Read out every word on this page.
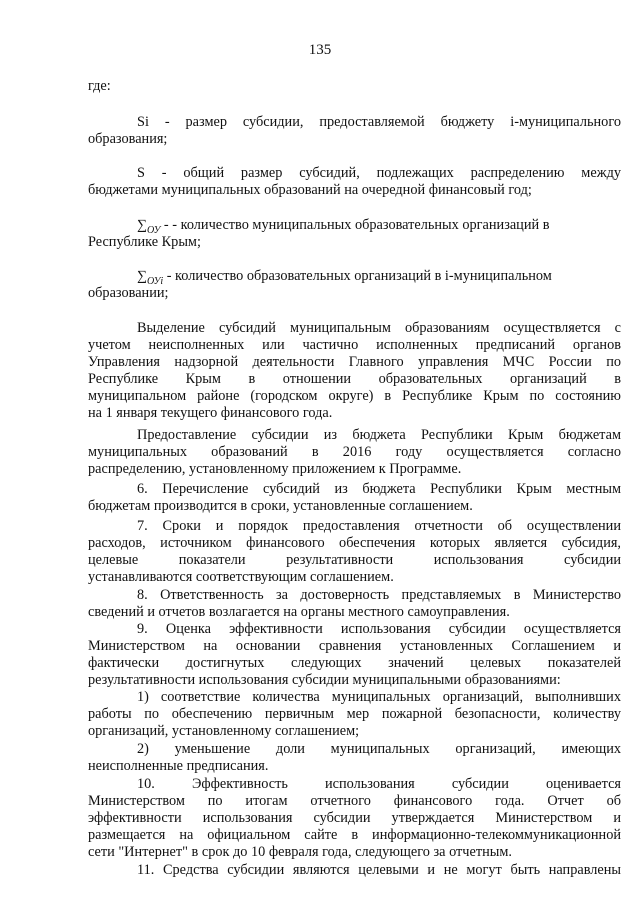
135
где:
Si - размер субсидии, предоставляемой бюджету i-муниципального
образования;
S - общий размер субсидий, подлежащих распределению между
бюджетами муниципальных образований на очередной финансовый год;
$\sum_{ОУ}$ - - количество муниципальных образовательных организаций в
Республике Крым;
$\sum_{ОУi}$ - количество образовательных организаций в i-муниципальном
образовании;
Выделение субсидий муниципальным образованиям осуществляется с
учетом неисполненных или частично исполненных предписаний органов
Управления надзорной деятельности Главного управления МЧС России по
Республике Крым в отношении образовательных организаций в
муниципальном районе (городском округе) в Республике Крым по состоянию
на 1 января текущего финансового года.
Предоставление субсидии из бюджета Республики Крым бюджетам
муниципальных образований в 2016 году осуществляется согласно
распределению, установленному приложением к Программе.
6. Перечисление субсидий из бюджета Республики Крым местным
бюджетам производится в сроки, установленные соглашением.
7. Сроки и порядок предоставления отчетности об осуществлении
расходов, источником финансового обеспечения которых является субсидия,
целевые показатели результативности использования субсидии
устанавливаются соответствующим соглашением.
8. Ответственность за достоверность представляемых в Министерство
сведений и отчетов возлагается на органы местного самоуправления.
9. Оценка эффективности использования субсидии осуществляется
Министерством на основании сравнения установленных Соглашением и
фактически достигнутых следующих значений целевых показателей
результативности использования субсидии муниципальными образованиями:
1) соответствие количества муниципальных организаций, выполнивших
работы по обеспечению первичным мер пожарной безопасности, количеству
организаций, установленному соглашением;
2) уменьшение доли муниципальных организаций, имеющих
неисполненные предписания.
10. Эффективность использования субсидии оценивается
Министерством по итогам отчетного финансового года. Отчет об
эффективности использования субсидии утверждается Министерством и
размещается на официальном сайте в информационно-телекоммуникационной
сети "Интернет" в срок до 10 февраля года, следующего за отчетным.
11. Средства субсидии являются целевыми и не могут быть направлены
